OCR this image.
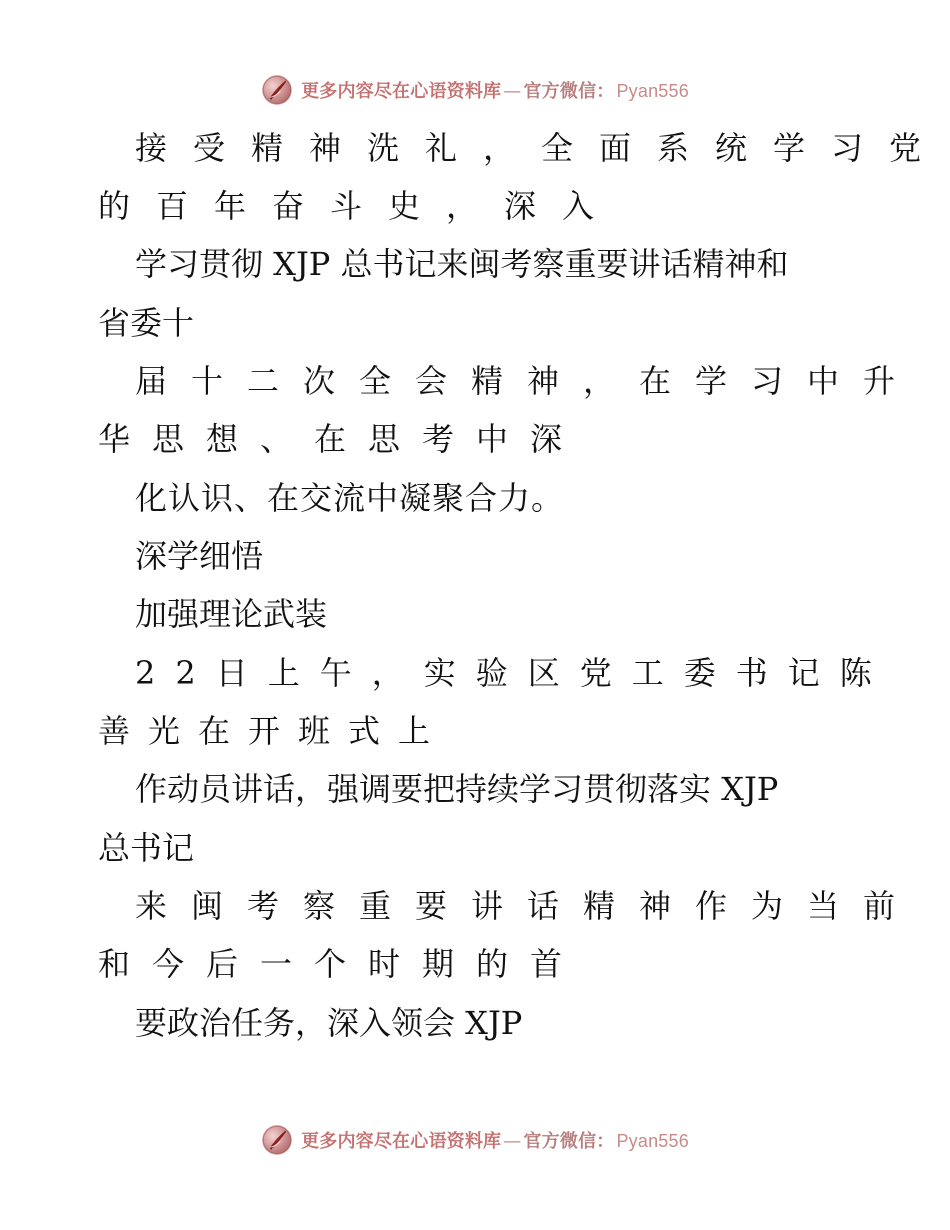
更多内容尽在心语资料库 — 官方微信： Pyan556
接受精神洗礼，全面系统学习党
的百年奋斗史，深入
学习贯彻 XJP 总书记来闽考察重要讲话精神和
省委十
届十二次全会精神，在学习中升
华思想、在思考中深
化认识、在交流中凝聚合力。
深学细悟
加强理论武装
22日上午，实验区党工委书记陈
善光在开班式上
作动员讲话，强调要把持续学习贯彻落实 XJP
总书记
来闽考察重要讲话精神作为当前
和今后一个时期的首
要政治任务，深入领会 XJP
更多内容尽在心语资料库 — 官方微信： Pyan556
